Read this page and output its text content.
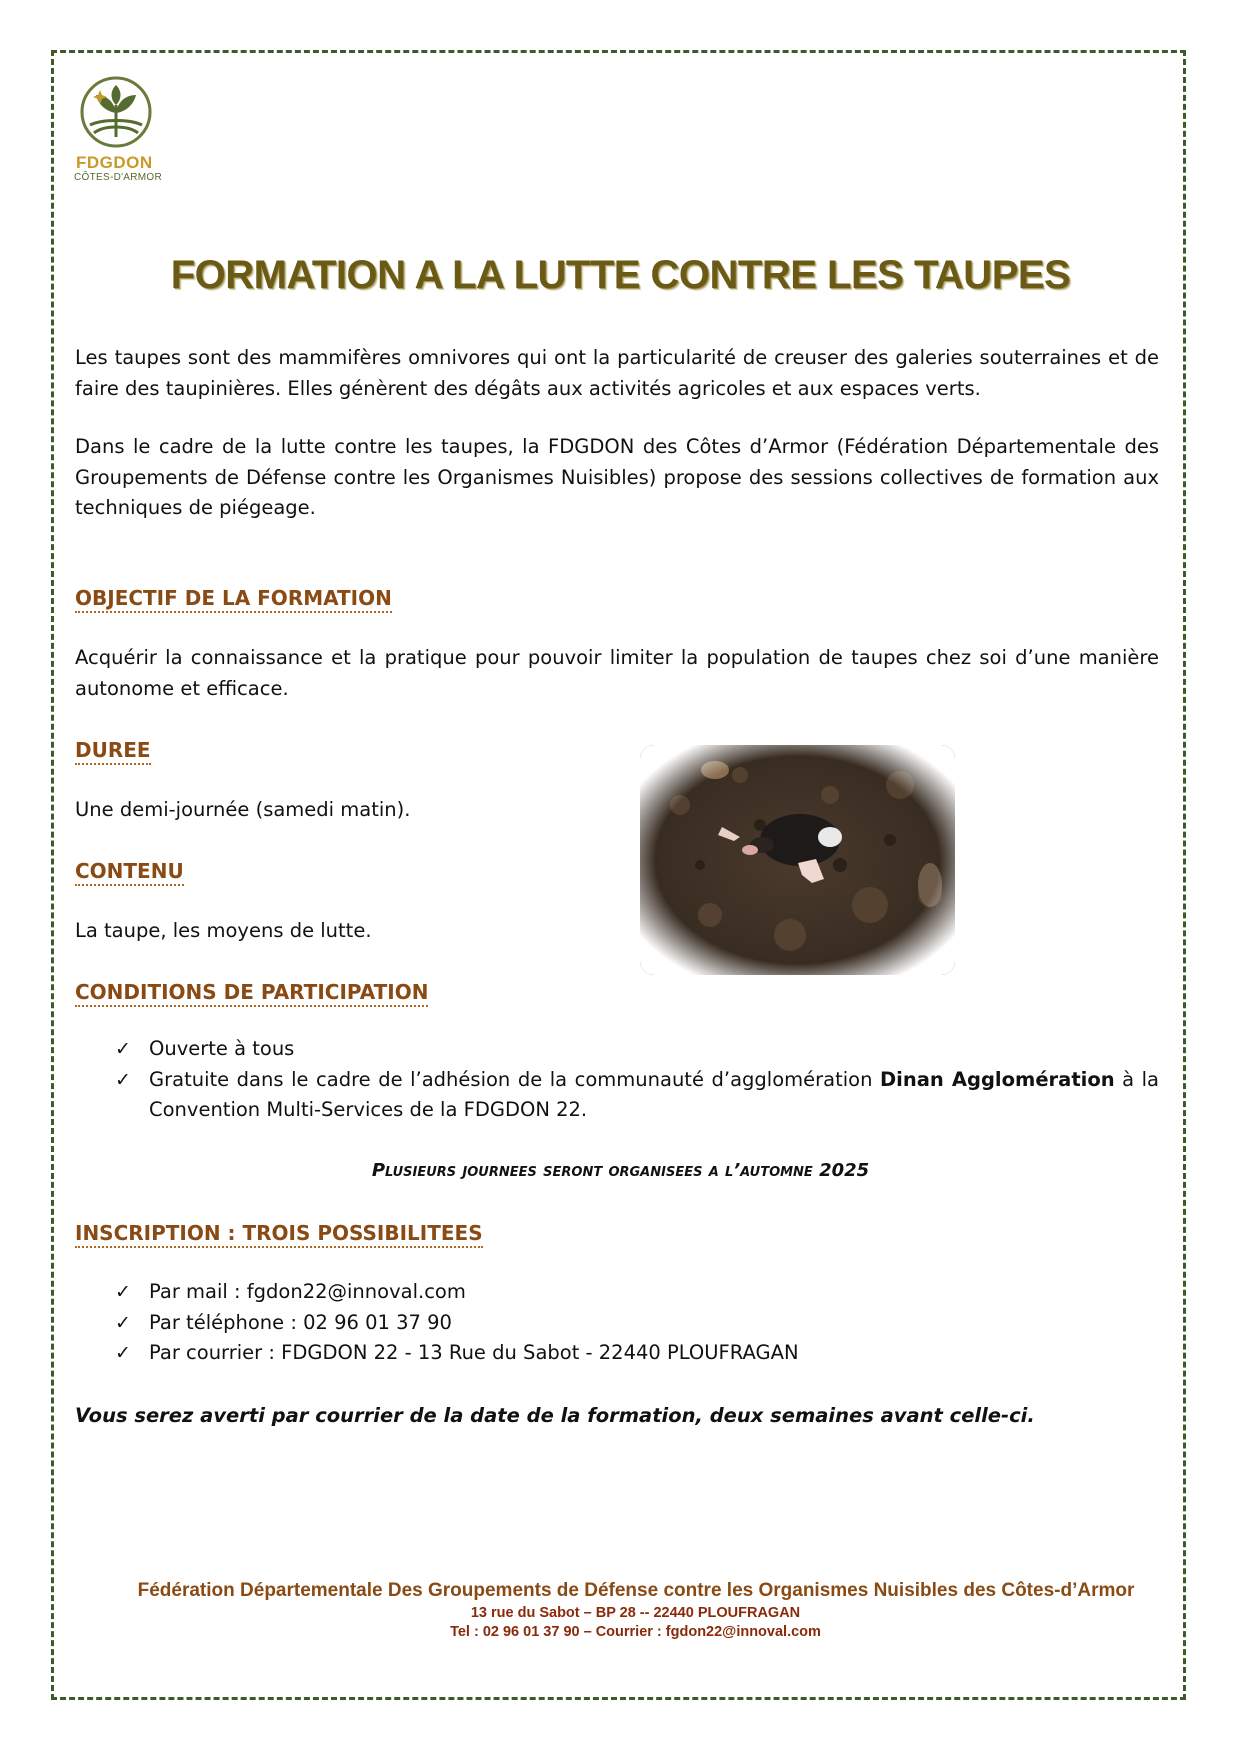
FDGDON
CÔTES-D'ARMOR
FORMATION A LA LUTTE CONTRE LES TAUPES
Les taupes sont des mammifères omnivores qui ont la particularité de creuser des galeries souterraines et de faire des taupinières. Elles génèrent des dégâts aux activités agricoles et aux espaces verts.
Dans le cadre de la lutte contre les taupes, la FDGDON des Côtes d’Armor (Fédération Départementale des Groupements de Défense contre les Organismes Nuisibles) propose des sessions collectives de formation aux techniques de piégeage.
OBJECTIF DE LA FORMATION
Acquérir la connaissance et la pratique pour pouvoir limiter la population de taupes chez soi d’une manière autonome et efficace.
DUREE
Une demi-journée (samedi matin).
CONTENU
La taupe, les moyens de lutte.
CONDITIONS DE PARTICIPATION
✓ Ouverte à tous
✓ Gratuite dans le cadre de l’adhésion de la communauté d’agglomération Dinan Agglomération à la Convention Multi-Services de la FDGDON 22.
Plusieurs journees seront organisees a l’automne 2025
INSCRIPTION : TROIS POSSIBILITEES
✓ Par mail : fgdon22@innoval.com
✓ Par téléphone : 02 96 01 37 90
✓ Par courrier : FDGDON 22 - 13 Rue du Sabot - 22440 PLOUFRAGAN
Vous serez averti par courrier de la date de la formation, deux semaines avant celle-ci.
Fédération Départementale Des Groupements de Défense contre les Organismes Nuisibles des Côtes-d’Armor
13 rue du Sabot – BP 28 -- 22440 PLOUFRAGAN
Tel : 02 96 01 37 90 – Courrier : fgdon22@innoval.com
